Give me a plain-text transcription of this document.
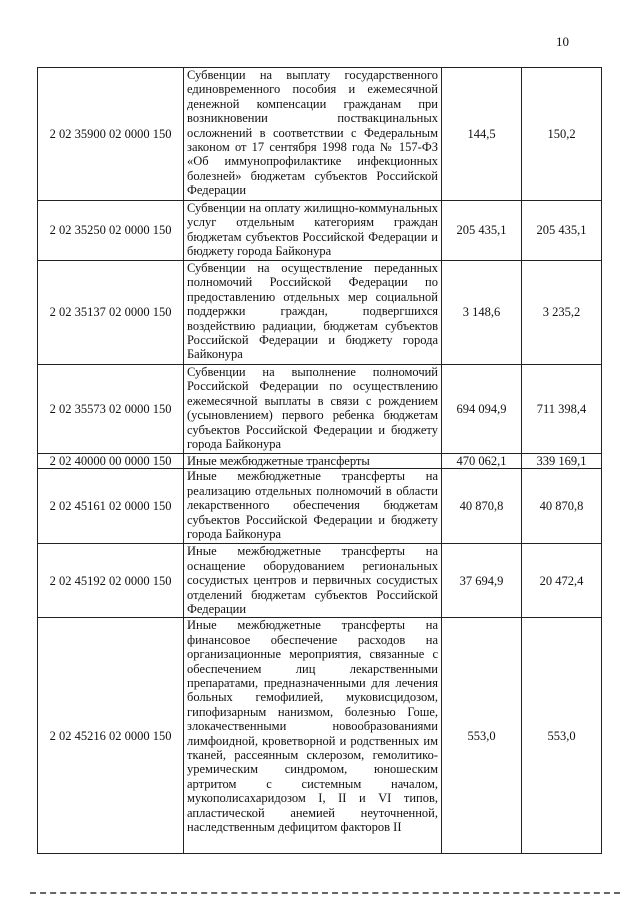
10
2 02 35900 02 0000 150	Субвенции на выплату государственного единовременного пособия и ежемесячной денежной компенсации гражданам при возникновении поствакцинальных осложнений в соответствии с Федеральным законом от 17 сентября 1998 года № 157-ФЗ «Об иммунопрофилактике инфекционных болезней» бюджетам субъектов Российской Федерации	144,5	150,2
2 02 35250 02 0000 150	Субвенции на оплату жилищно-коммунальных услуг отдельным категориям граждан бюджетам субъектов Российской Федерации и бюджету города Байконура	205 435,1	205 435,1
2 02 35137 02 0000 150	Субвенции на осуществление переданных полномочий Российской Федерации по предоставлению отдельных мер социальной поддержки граждан, подвергшихся воздействию радиации, бюджетам субъектов Российской Федерации и бюджету города Байконура	3 148,6	3 235,2
2 02 35573 02 0000 150	Субвенции на выполнение полномочий Российской Федерации по осуществлению ежемесячной выплаты в связи с рождением (усыновлением) первого ребенка бюджетам субъектов Российской Федерации и бюджету города Байконура	694 094,9	711 398,4
2 02 40000 00 0000 150	Иные межбюджетные трансферты	470 062,1	339 169,1
2 02 45161 02 0000 150	Иные межбюджетные трансферты на реализацию отдельных полномочий в области лекарственного обеспечения бюджетам субъектов Российской Федерации и бюджету города Байконура	40 870,8	40 870,8
2 02 45192 02 0000 150	Иные межбюджетные трансферты на оснащение оборудованием региональных сосудистых центров и первичных сосудистых отделений бюджетам субъектов Российской Федерации	37 694,9	20 472,4
2 02 45216 02 0000 150	Иные межбюджетные трансферты на финансовое обеспечение расходов на организационные мероприятия, связанные с обеспечением лиц лекарственными препаратами, предназначенными для лечения больных гемофилией, муковисцидозом, гипофизарным нанизмом, болезнью Гоше, злокачественными новообразованиями лимфоидной, кроветворной и родственных им тканей, рассеянным склерозом, гемолитико-уремическим синдромом, юношеским артритом с системным началом, мукополисахаридозом I, II и VI типов, апластической анемией неуточненной, наследственным дефицитом факторов II	553,0	553,0
